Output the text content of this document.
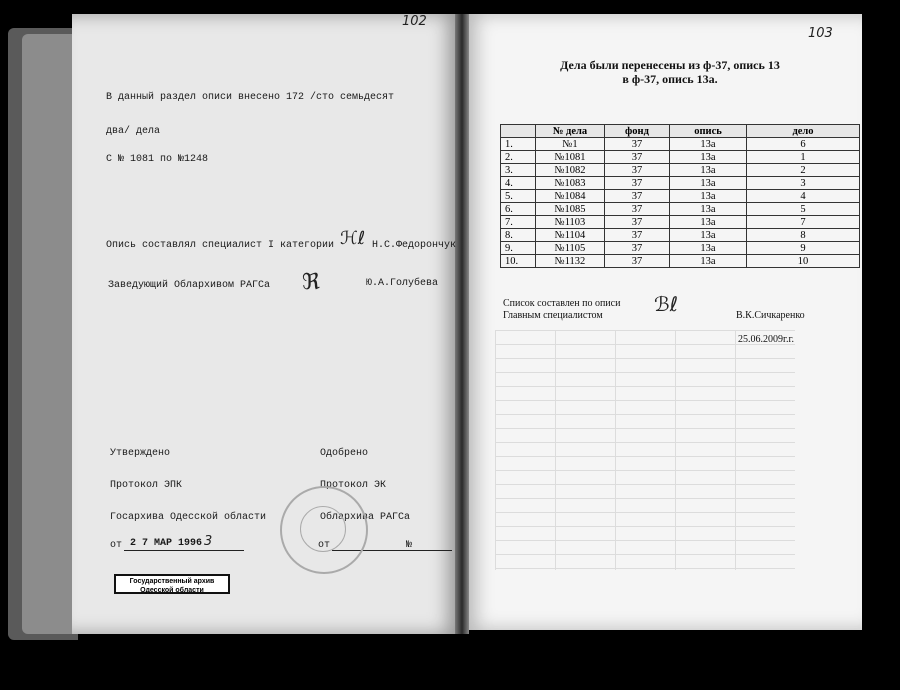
102
В данный раздел описи внесено 172 /сто семьдесят
два/ дела
С № 1081 по №1248
Опись составлял специалист I категории ℋℓ Н.С.Федорончук
Заведующий Облархивом РАГСа ℜ	Ю.А.Голубева
Утверждено	Одобрено
Протокол ЭПК	Протокол ЭК
Госархива Одесской области	Облархива РАГСа
от 2 7 МАР 1996 3	от	№
Государственный архив
Одесской области
103
Дела были перенесены из ф-37, опись 13
в ф-37, опись 13а.
	№ дела	фонд	опись	дело
1.	№1	37	13а	6
2.	№1081	37	13а	1
3.	№1082	37	13а	2
4.	№1083	37	13а	3
5.	№1084	37	13а	4
6.	№1085	37	13а	5
7.	№1103	37	13а	7
8.	№1104	37	13а	8
9.	№1105	37	13а	9
10.	№1132	37	13а	10
Список составлен по описи
Главным специалистом	ℬℓ	В.К.Сичкаренко
25.06.2009г.г.
